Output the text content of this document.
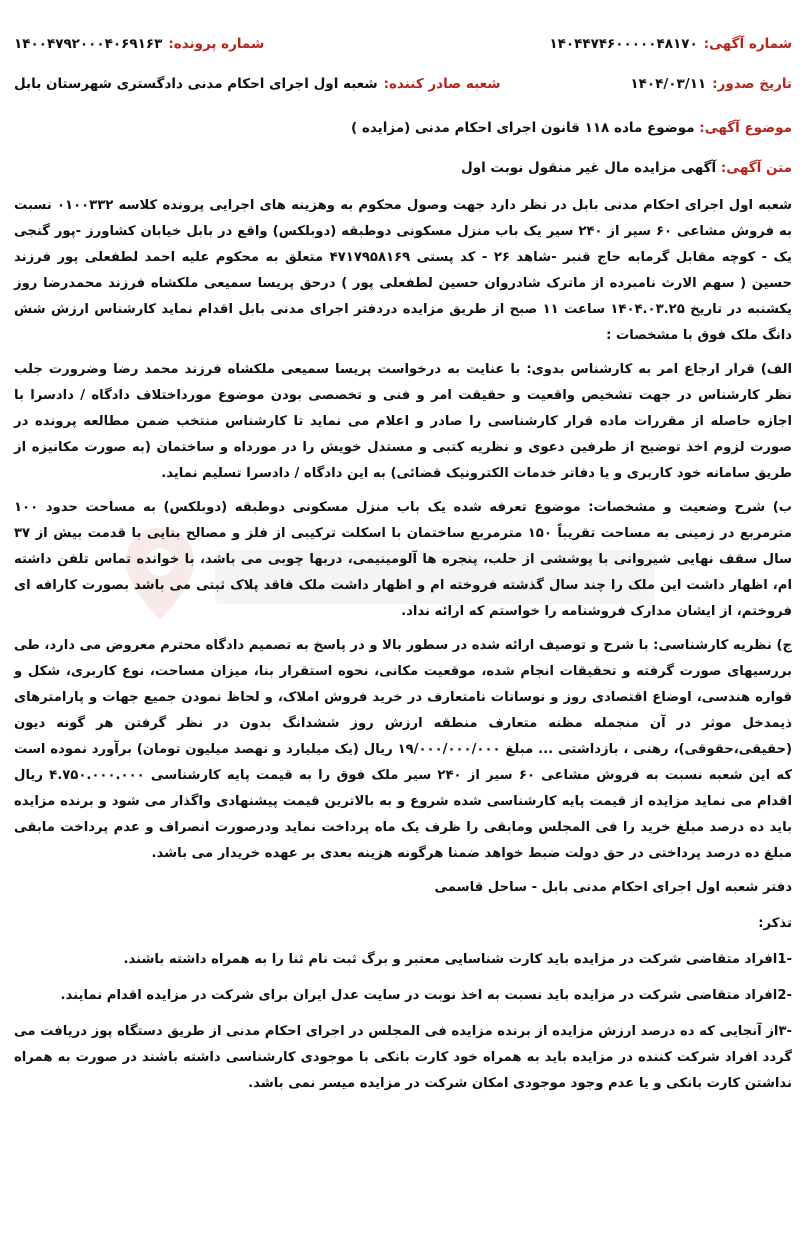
شماره آگهی:
۱۴۰۴۴۷۴۶۰۰۰۰۰۴۸۱۷۰
شماره پرونده:
۱۴۰۰۴۷۹۲۰۰۰۴۰۶۹۱۶۳
تاریخ صدور:
۱۴۰۴/۰۳/۱۱
شعبه صادر کننده:
شعبه اول اجرای احکام مدنی دادگستری شهرستان بابل
موضوع آگهی: موضوع ماده ۱۱۸ قانون اجرای احکام مدنی (مزایده )
متن آگهی: آگهی مزایده مال غیر منقول نوبت اول

شعبه اول اجرای احکام مدنی بابل در نظر دارد جهت وصول محکوم به وهزینه های اجرایی پرونده کلاسه ۰۱۰۰۳۳۲ نسبت به فروش مشاعی ۶۰ سیر از ۲۴۰ سیر یک باب منزل مسکونی دوطبقه (دوبلکس) واقع در بابل خیابان کشاورز -پور گنجی یک - کوچه مقابل گرمابه حاج قنبر -شاهد ۲۶ - کد پستی ۴۷۱۷۹۵۸۱۶۹ متعلق به محکوم علیه احمد لطفعلی پور فرزند حسین ( سهم الارث نامبرده از ماترک شادروان حسین لطفعلی پور ) درحق پریسا سمیعی ملکشاه فرزند محمدرضا روز یکشنبه در تاریخ ۱۴۰۴.۰۳.۲۵ ساعت ۱۱ صبح از طریق مزایده دردفتر اجرای مدنی بابل اقدام نماید کارشناس ارزش شش دانگ ملک فوق با مشخصات :

الف) قرار ارجاع امر به کارشناس بدوی: با عنایت به درخواست پریسا سمیعی ملکشاه فرزند محمد رضا وضرورت جلب نظر کارشناس در جهت تشخیص واقعیت و حقیقت امر و فنی و تخصصی بودن موضوع مورداختلاف دادگاه / دادسرا با اجازه حاصله از مقررات ماده قرار کارشناسی را صادر و اعلام می نماید تا کارشناس منتخب ضمن مطالعه پرونده در صورت لزوم اخذ توضیح از طرفین دعوی و نظریه کتبی و مستدل خویش را در مورداه و ساختمان (به صورت مکانیزه از طریق سامانه خود کاربری و یا دفاتر خدمات الکترونیک قضائی) به این دادگاه / دادسرا تسلیم نماید.

ب) شرح وضعیت و مشخصات: موضوع تعرفه شده یک باب منزل مسکونی دوطبقه (دوبلکس) به مساحت حدود ۱۰۰ مترمربع در زمینی به مساحت تقریباً ۱۵۰ مترمربع ساختمان با اسکلت ترکیبی از فلز و مصالح بنایی با قدمت بیش از ۳۷ سال سقف نهایی شیروانی با پوششی از حلب، پنجره ها آلومینیمی، دربها چوبی می باشد، با خوانده تماس تلفن داشته ام، اظهار داشت این ملک را چند سال گذشته فروخته ام و اظهار داشت ملک فاقد پلاک ثبتی می باشد بصورت کارافه ای فروختم، از ایشان مدارک فروشنامه را خواستم که ارائه نداد.

ج) نظریه کارشناسی: با شرح و توصیف ارائه شده در سطور بالا و در پاسخ به تصمیم دادگاه محترم معروض می دارد، طی بررسیهای صورت گرفته و تحقیقات انجام شده، موقعیت مکانی، نحوه استقرار بنا، میزان مساحت، نوع کاربری، شکل و قواره هندسی، اوضاع اقتصادی روز و نوسانات نامتعارف در خرید فروش املاک، و لحاظ نمودن جمیع جهات و پارامترهای ذیمدخل موثر در آن منجمله مظنه متعارف منطقه ارزش روز ششدانگ بدون در نظر گرفتن هر گونه دیون (حقیقی،حقوقی)، رهنی ، بازداشتی ... مبلغ ۱۹/۰۰۰/۰۰۰/۰۰۰ ریال (یک میلیارد و نهصد میلیون تومان) برآورد نموده است که این شعبه نسبت به فروش مشاعی ۶۰ سیر از ۲۴۰ سیر ملک فوق را به قیمت پایه کارشناسی ۴.۷۵۰.۰۰۰.۰۰۰ ریال اقدام می نماید مزایده از قیمت پایه کارشناسی شده شروع و به بالاترین قیمت پیشنهادی واگذار می شود و برنده مزایده باید ده درصد مبلغ خرید را فی المجلس ومابقی را ظرف یک ماه پرداخت نماید ودرصورت انصراف و عدم پرداخت مابقی مبلغ ده درصد پرداختی در حق دولت ضبط خواهد ضمنا هرگونه هزینه بعدی بر عهده خریدار می باشد.

دفتر شعبه اول اجرای احکام مدنی بابل - ساحل قاسمی

تذکر:

-1افراد متقاضی شرکت در مزایده باید کارت شناسایی معتبر و برگ ثبت نام ثنا را به همراه داشته باشند.

-2افراد متقاضی شرکت در مزایده باید نسبت به اخذ نوبت در سایت عدل ایران برای شرکت در مزایده اقدام نمایند.

-۳از آنجایی که ده درصد ارزش مزایده از برنده مزایده فی المجلس در اجرای احکام مدنی از طریق دستگاه پوز دریافت می گردد افراد شرکت کننده در مزایده باید به همراه خود کارت بانکی با موجودی کارشناسی داشته باشند در صورت به همراه نداشتن کارت بانکی و یا عدم وجود موجودی امکان شرکت در مزایده میسر نمی باشد.
